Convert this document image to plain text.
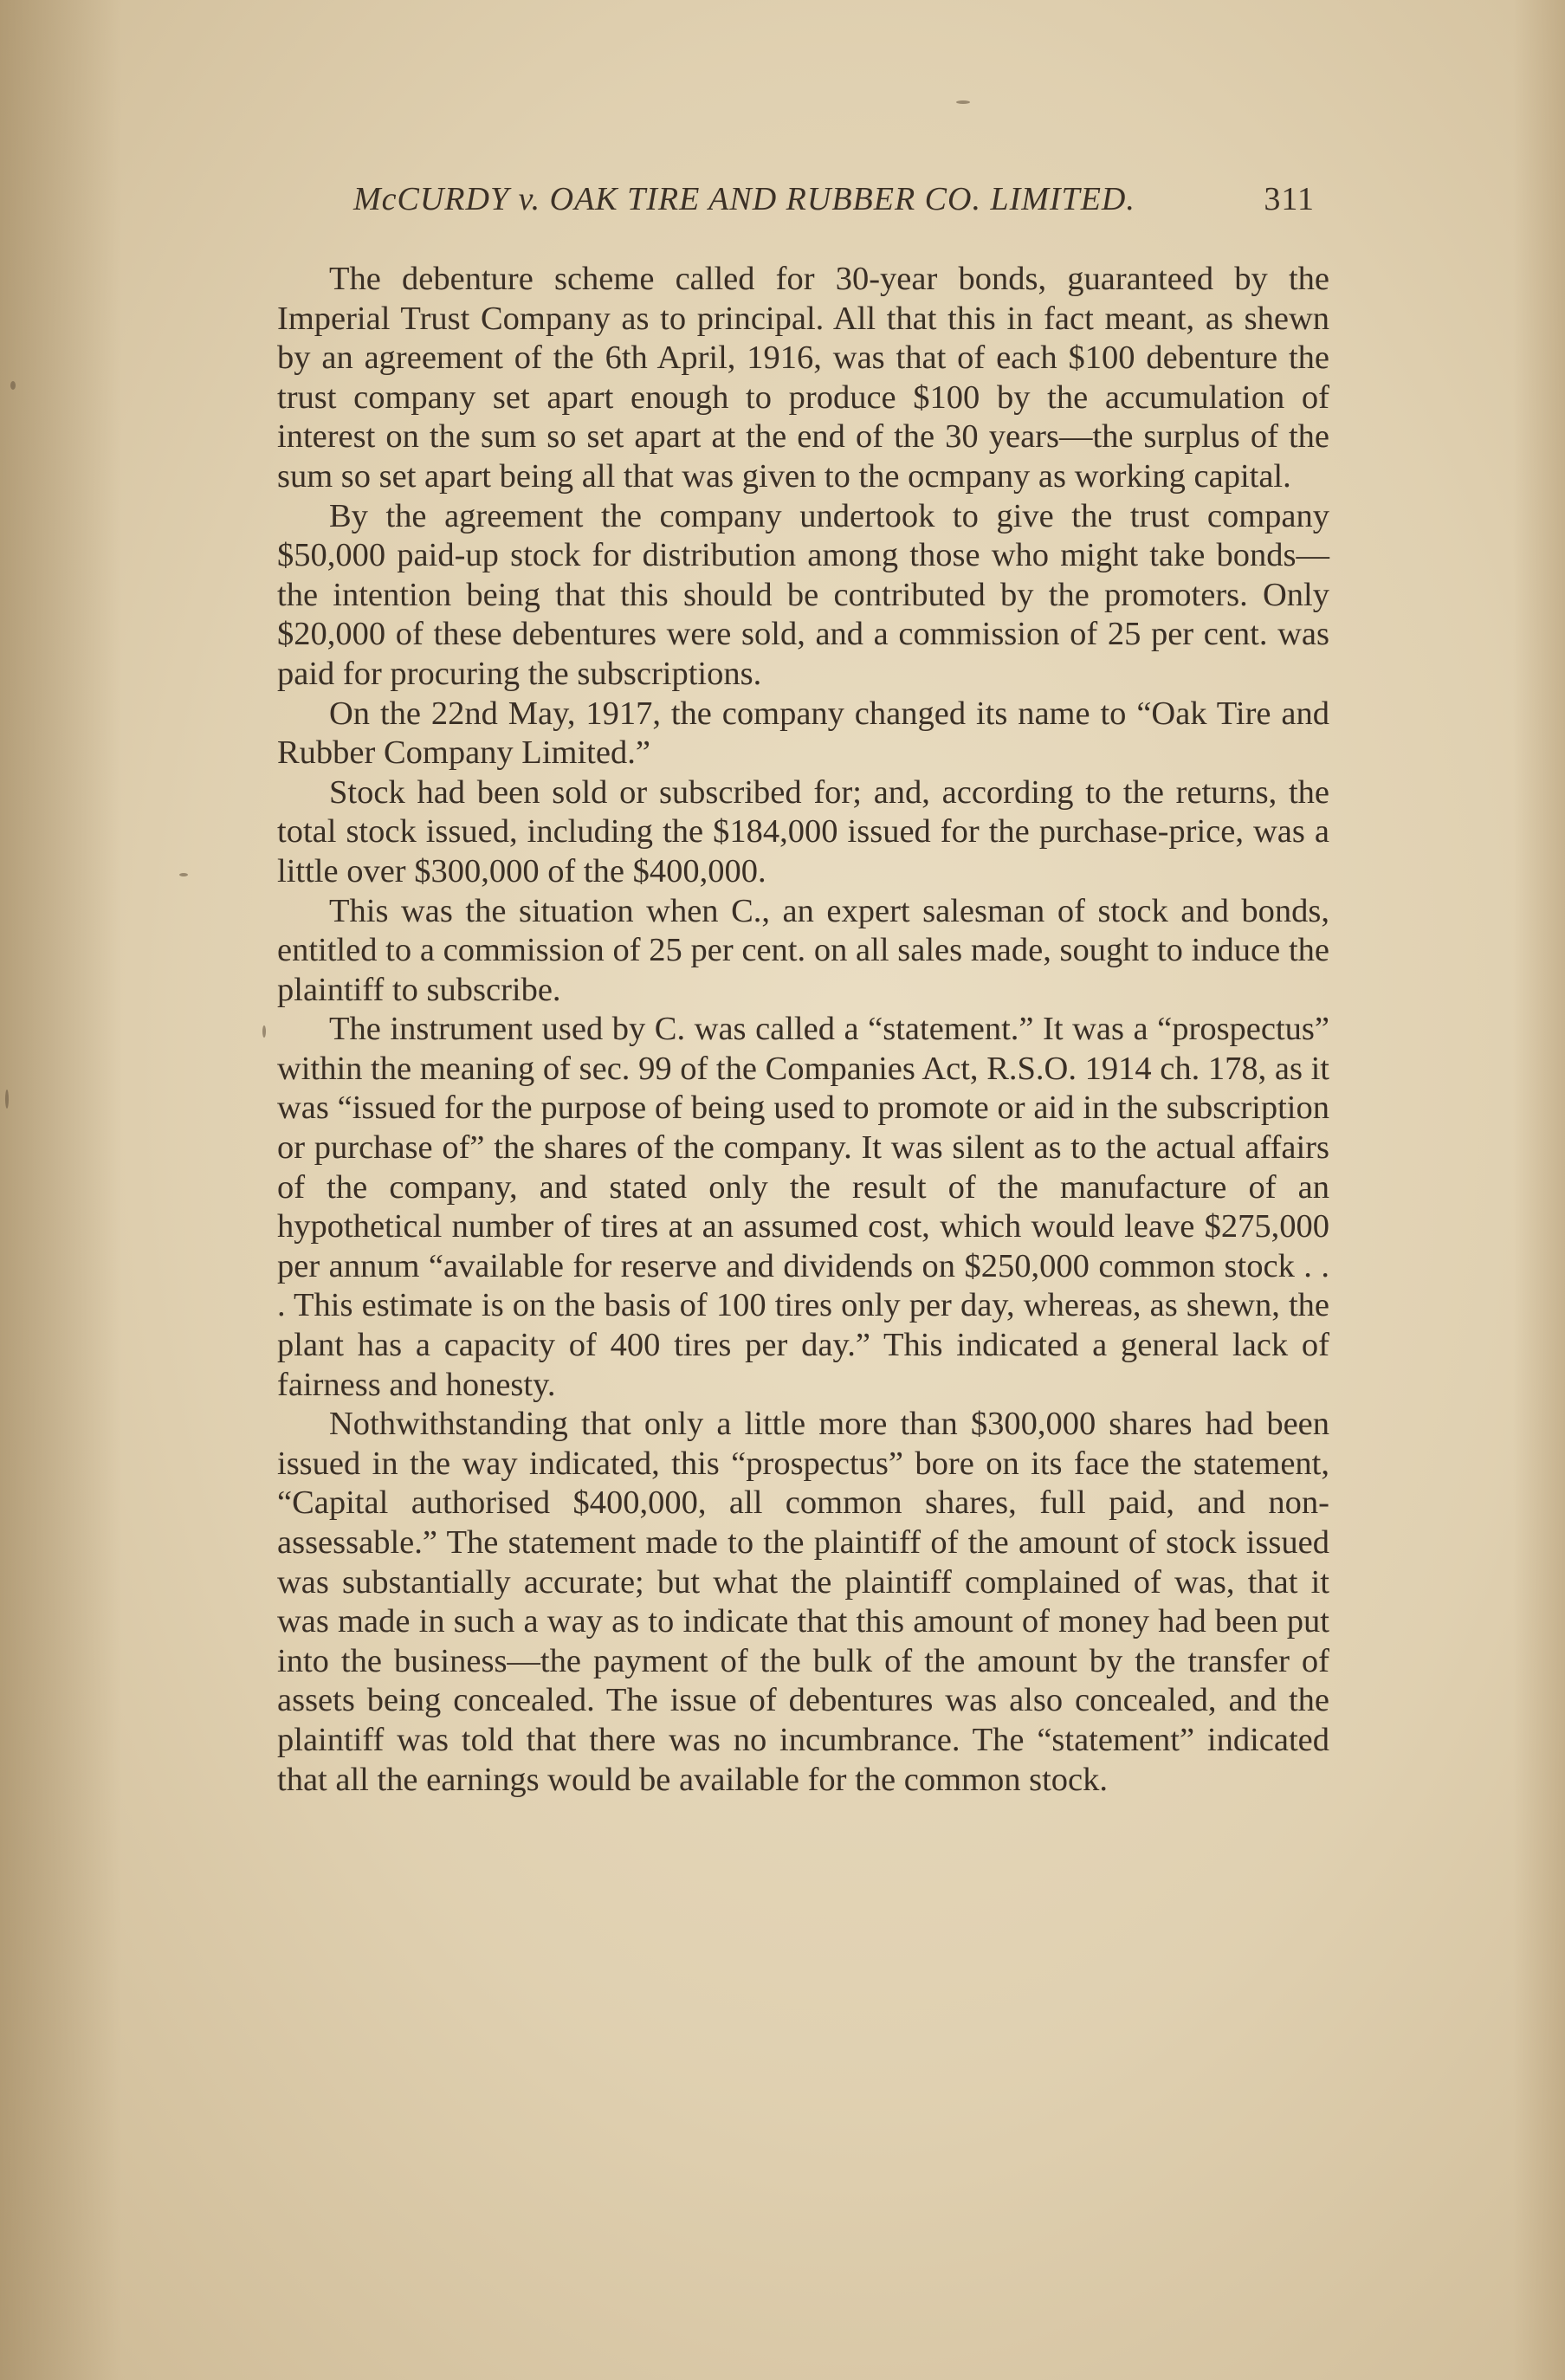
McCURDY v. OAK TIRE AND RUBBER CO. LIMITED.	311

The debenture scheme called for 30-year bonds, guaranteed by the Imperial Trust Company as to principal. All that this in fact meant, as shewn by an agreement of the 6th April, 1916, was that of each $100 debenture the trust company set apart enough to produce $100 by the accumulation of interest on the sum so set apart at the end of the 30 years—the surplus of the sum so set apart being all that was given to the ocmpany as working capital.

By the agreement the company undertook to give the trust company $50,000 paid-up stock for distribution among those who might take bonds—the intention being that this should be contributed by the promoters. Only $20,000 of these debentures were sold, and a commission of 25 per cent. was paid for procuring the subscriptions.

On the 22nd May, 1917, the company changed its name to “Oak Tire and Rubber Company Limited.”

Stock had been sold or subscribed for; and, according to the returns, the total stock issued, including the $184,000 issued for the purchase-price, was a little over $300,000 of the $400,000.

This was the situation when C., an expert salesman of stock and bonds, entitled to a commission of 25 per cent. on all sales made, sought to induce the plaintiff to subscribe.

The instrument used by C. was called a “statement.” It was a “prospectus” within the meaning of sec. 99 of the Companies Act, R.S.O. 1914 ch. 178, as it was “issued for the purpose of being used to promote or aid in the subscription or purchase of” the shares of the company. It was silent as to the actual affairs of the company, and stated only the result of the manufacture of an hypothetical number of tires at an assumed cost, which would leave $275,000 per annum “available for reserve and dividends on $250,000 common stock . . . This estimate is on the basis of 100 tires only per day, whereas, as shewn, the plant has a capacity of 400 tires per day.” This indicated a general lack of fairness and honesty.

Nothwithstanding that only a little more than $300,000 shares had been issued in the way indicated, this “prospectus” bore on its face the statement, “Capital authorised $400,000, all common shares, full paid, and non-assessable.” The statement made to the plaintiff of the amount of stock issued was substantially accurate; but what the plaintiff complained of was, that it was made in such a way as to indicate that this amount of money had been put into the business—the payment of the bulk of the amount by the transfer of assets being concealed. The issue of debentures was also concealed, and the plaintiff was told that there was no incumbrance. The “statement” indicated that all the earnings would be available for the common stock.
